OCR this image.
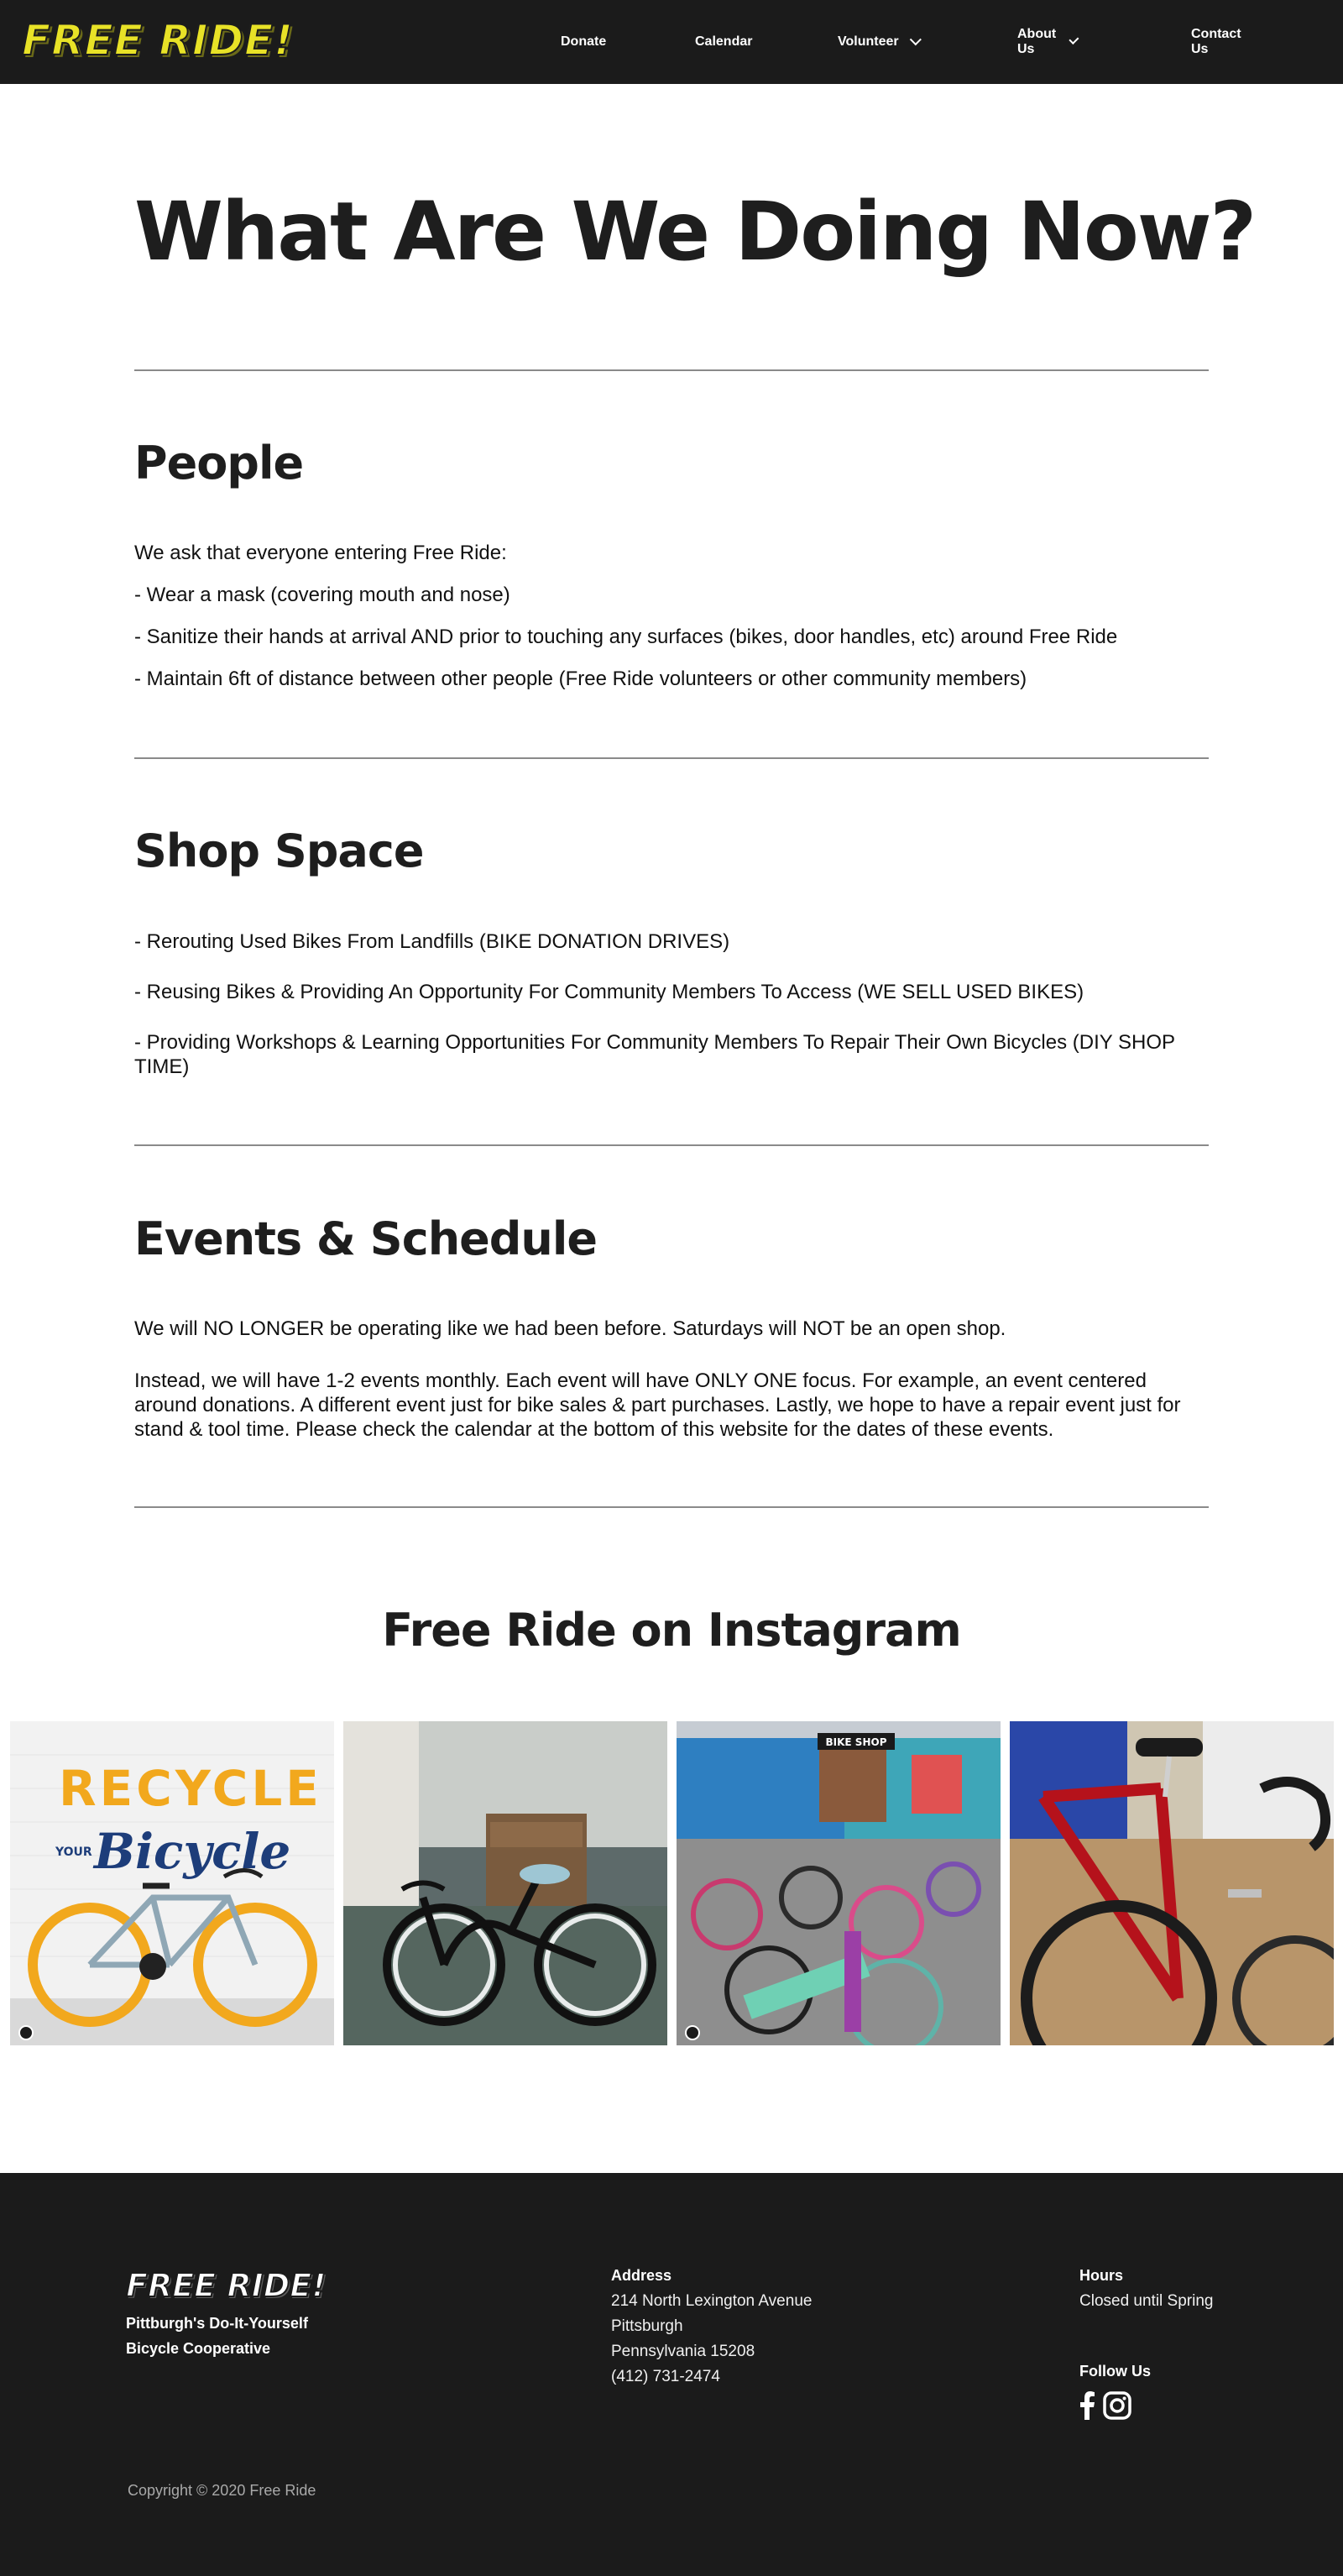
FREE RIDE!	Donate	Calendar	Volunteer
About Us
Contact Us
What Are We Doing Now?
People

We ask that everyone entering Free Ride:

- Wear a mask (covering mouth and nose)

- Sanitize their hands at arrival AND prior to touching any surfaces (bikes, door handles, etc) around Free Ride

- Maintain 6ft of distance between other people (Free Ride volunteers or other community members)

Shop Space

- Rerouting Used Bikes From Landfills (BIKE DONATION DRIVES)

- Reusing Bikes & Providing An Opportunity For Community Members To Access (WE SELL USED BIKES)

- Providing Workshops & Learning Opportunities For Community Members To Repair Their Own Bicycles (DIY SHOP TIME)

Events & Schedule

We will NO LONGER be operating like we had been before. Saturdays will NOT be an open shop.

Instead, we will have 1-2 events monthly. Each event will have ONLY ONE focus. For example, an event centered around donations. A different event just for bike sales & part purchases. Lastly, we hope to have a repair event just for stand & tool time. Please check the calendar at the bottom of this website for the dates of these events.

Free Ride on Instagram
RECYCLE
YOUR Bicycle
BIKE SHOP
FREE RIDE!
Pittburgh's Do-It-Yourself
Bicycle Cooperative
Address
214 North Lexington Avenue
Pittsburgh
Pennsylvania 15208
(412) 731-2474
Hours
Closed until Spring
Follow Us
Copyright © 2020 Free Ride
